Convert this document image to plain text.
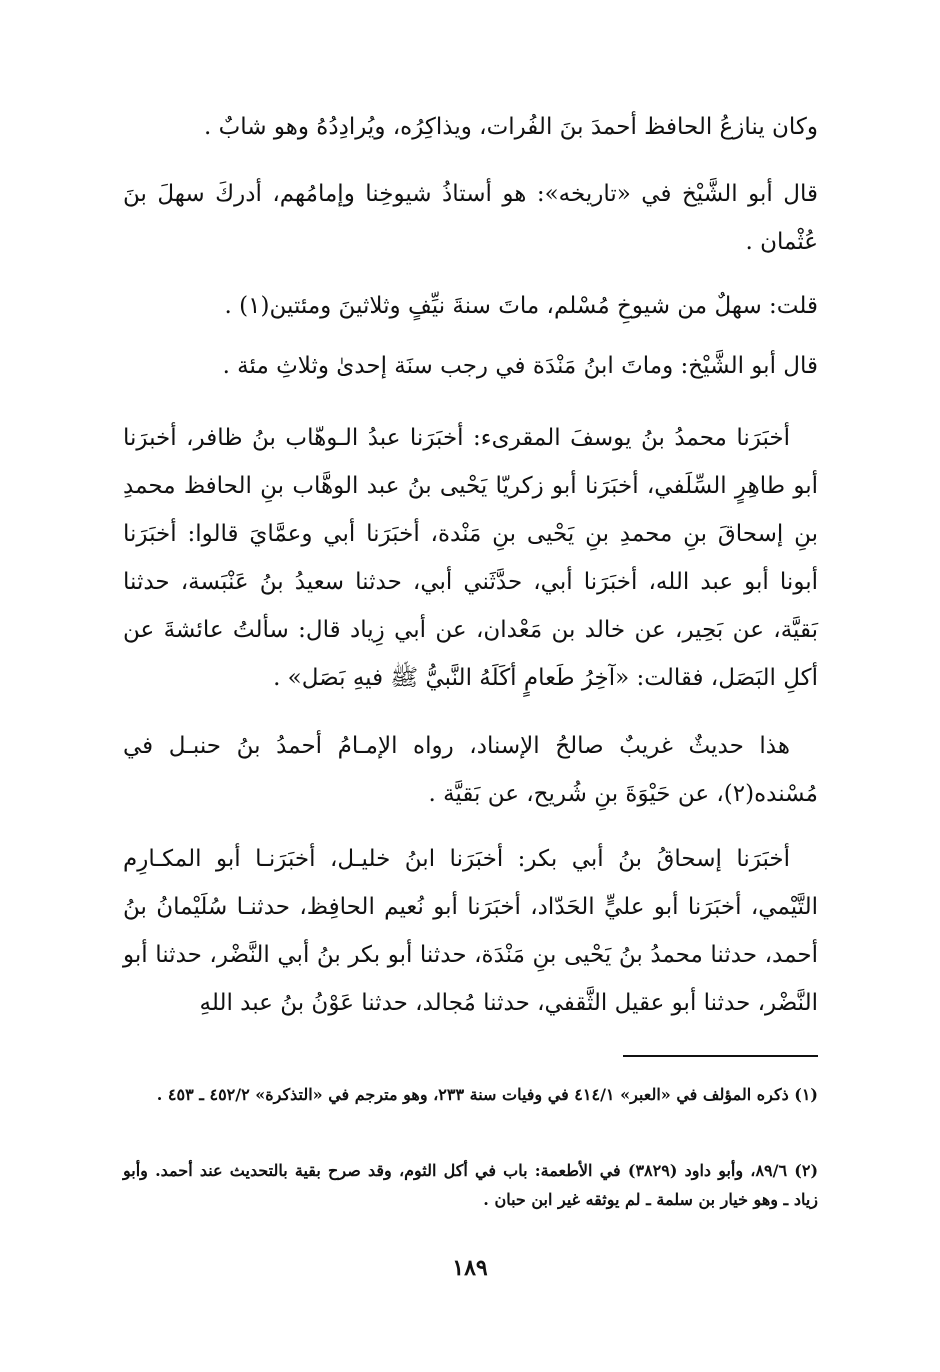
وكان ينازعُ الحافظ أحمدَ بنَ الفُرات، ويذاكِرُه، ويُرادِدُهُ وهو شابٌ .

قال أبو الشَّيْخ في «تاريخه»: هو أستاذُ شيوخِنا وإمامُهم، أدركَ سهلَ بنَ عُثْمان .

قلت: سهلٌ من شيوخِ مُسْلم، ماتَ سنةَ نيِّفٍ وثلاثينَ ومئتين(١) .

قال أبو الشَّيْخ: وماتَ ابنُ مَنْدَة في رجب سنَة إحدىٰ وثلاثِ مئة .

أخبَرَنا محمدُ بنُ يوسفَ المقرىء: أخبَرَنا عبدُ الـوهّاب بنُ ظافر، أخبرَنا أبو طاهِرٍ السِّلَفي، أخبَرَنا أبو زكريّا يَحْيى بنُ عبد الوهَّاب بنِ الحافظ محمدِ بنِ إسحاقَ بنِ محمدِ بنِ يَحْيى بنِ مَنْدة، أخبَرَنا أبي وعمَّايَ قالوا: أخبَرَنا أبونا أبو عبد الله، أخبَرَنا أبي، حدَّثَني أبي، حدثنا سعيدُ بنُ عَنْبَسة، حدثنا بَقيَّة، عن بَحِير، عن خالد بن مَعْدان، عن أبي زِياد قال: سألتُ عائشةَ عن أكلِ البَصَل، فقالت: «آخِرُ طَعامٍ أكَلَهُ النَّبيُّ ﷺ فيهِ بَصَل» .

هذا حديثٌ غريبٌ صالحُ الإسناد، رواه الإمـامُ أحمدُ بنُ حنبـل في مُسْنده(٢)، عن حَيْوَةَ بنِ شُريح، عن بَقيَّة .

أخبَرَنا إسحاقُ بنُ أبي بكر: أخبَرَنا ابنُ خليـل، أخبَرَنـا أبو المكـارِم التَّيْمي، أخبَرَنا أبو عليٍّ الحَدّاد، أخبَرَنا أبو نُعيم الحافِظ، حدثنـا سُلَيْمانُ بنُ أحمد، حدثنا محمدُ بنُ يَحْيى بنِ مَنْدَة، حدثنا أبو بكر بنُ أبي النَّضْر، حدثنا أبو النَّضْر، حدثنا أبو عقيل الثَّقفي، حدثنا مُجالد، حدثنا عَوْنُ بنُ عبد اللهِ

(١) ذكره المؤلف في «العبر» ٤١٤/١ في وفيات سنة ٢٣٣، وهو مترجم في «التذكرة» ٤٥٢/٢ ـ ٤٥٣ .

(٢) ٨٩/٦، وأبو داود (٣٨٢٩) في الأطعمة: باب في أكل الثوم، وقد صرح بقية بالتحديث عند أحمد. وأبو زياد ـ وهو خيار بن سلمة ـ لم يوثقه غير ابن حبان .

١٨٩
